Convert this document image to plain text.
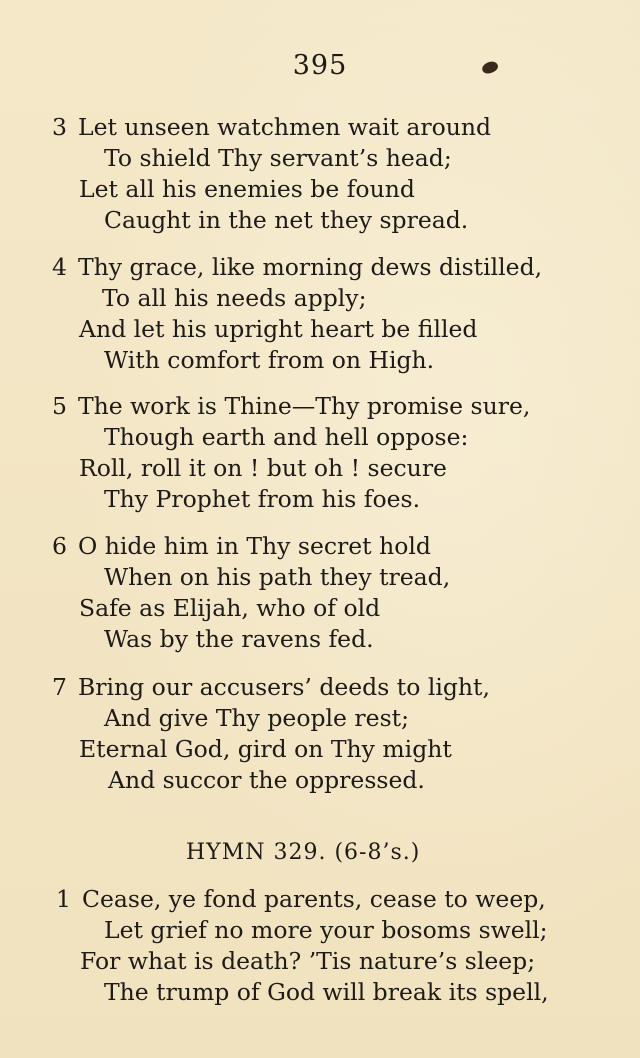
395
3 Let unseen watchmen wait around
To shield Thy servant’s head;
Let all his enemies be found
Caught in the net they spread.
4 Thy grace, like morning dews distilled,
To all his needs apply;
And let his upright heart be filled
With comfort from on High.
5 The work is Thine—Thy promise sure,
Though earth and hell oppose:
Roll, roll it on ! but oh ! secure
Thy Prophet from his foes.
6 O hide him in Thy secret hold
When on his path they tread,
Safe as Elijah, who of old
Was by the ravens fed.
7 Bring our accusers’ deeds to light,
And give Thy people rest;
Eternal God, gird on Thy might
And succor the oppressed.
HYMN 329. (6-8’s.)
1 Cease, ye fond parents, cease to weep,
Let grief no more your bosoms swell;
For what is death? ’Tis nature’s sleep;
The trump of God will break its spell,
